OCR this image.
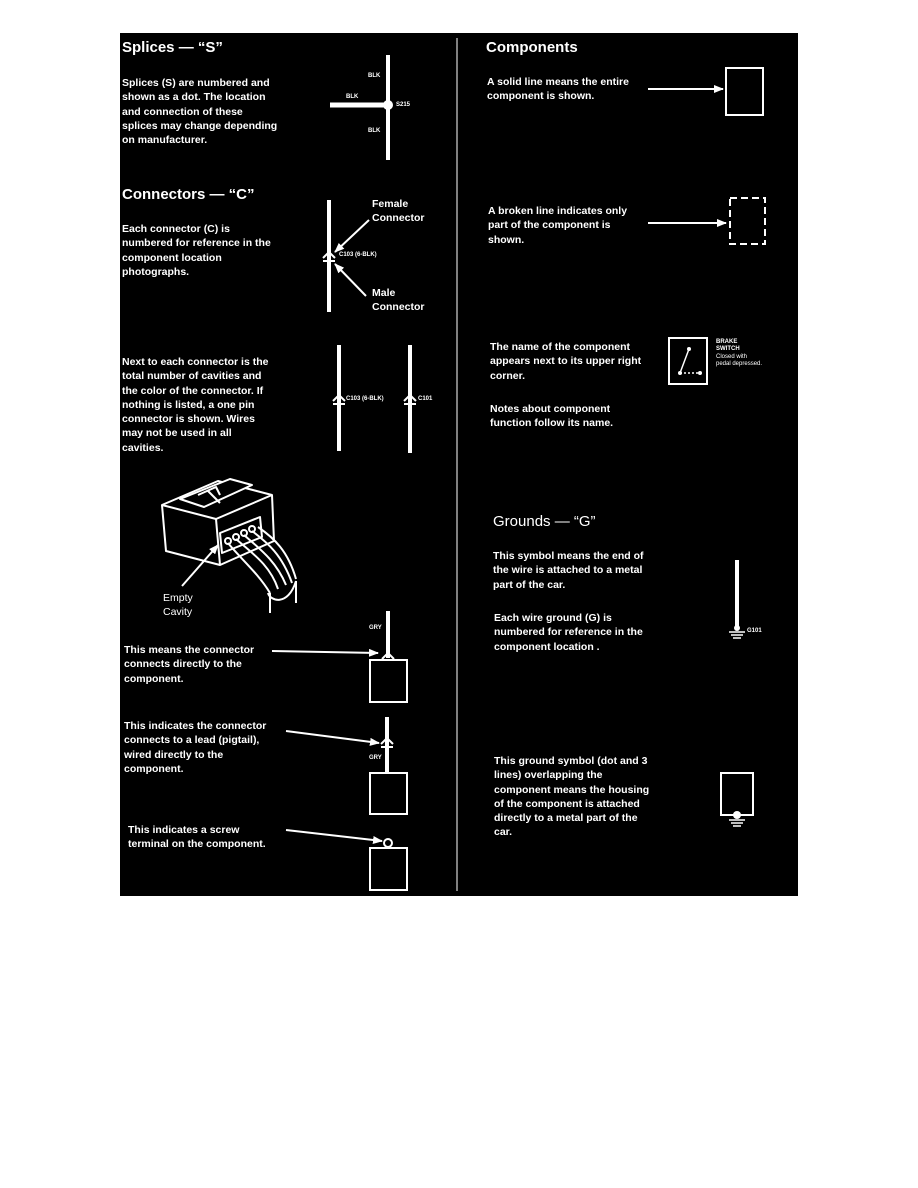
Splices — “S”
Splices (S) are numbered and
shown as a dot. The location
and connection of these
splices may change depending
on manufacturer.
BLK
BLK
S215
BLK
Connectors — “C”
Each connector (C) is
numbered for reference in the
component location
photographs.
Female
Connector
C103 (6-BLK)
Male
Connector
Next to each connector is the
total number of cavities and
the color of the connector. If
nothing is listed, a one pin
connector is shown. Wires
may not be used in all
cavities.
C103 (6-BLK)	C101
Empty
Cavity
GRY
This means the connector
connects directly to the
component.
This indicates the connector
connects to a lead (pigtail),
wired directly to the
component.
GRY
This indicates a screw
terminal on the component.
Components
A solid line means the entire
component is shown.
A broken line indicates only
part of the component is
shown.
The name of the component
appears next to its upper right
corner.
BRAKE
SWITCH
Closed with
pedal depressed.
Notes about component
function follow its name.
Grounds — “G”
This symbol means the end of
the wire is attached to a metal
part of the car.
Each wire ground (G) is
numbered for reference in the
component location .
G101
This ground symbol (dot and 3
lines) overlapping the
component means the housing
of the component is attached
directly to a metal part of the
car.
